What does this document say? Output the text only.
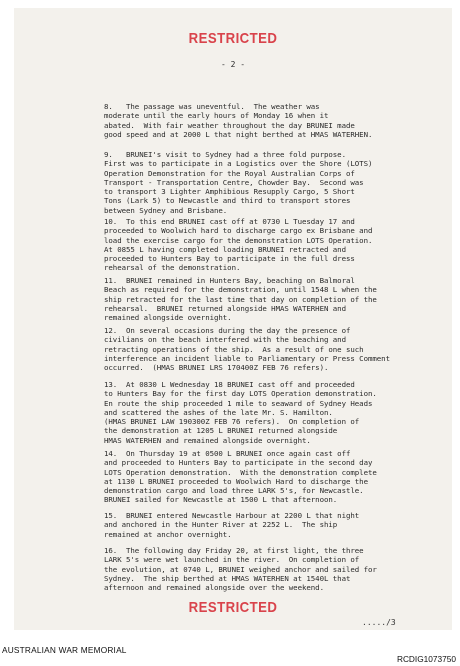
RESTRICTED
- 2 -

8.   The passage was uneventful.  The weather was
moderate until the early hours of Monday 16 when it
abated.  With fair weather throughout the day BRUNEI made
good speed and at 2000 L that night berthed at HMAS WATERHEN.

9.   BRUNEI's visit to Sydney had a three fold purpose.
First was to participate in a Logistics over the Shore (LOTS)
Operation Demonstration for the Royal Australian Corps of
Transport - Transportation Centre, Chowder Bay.  Second was
to transport 3 Lighter Amphibious Resupply Cargo, 5 Short
Tons (Lark 5) to Newcastle and third to transport stores
between Sydney and Brisbane.

10.  To this end BRUNEI cast off at 0730 L Tuesday 17 and
proceeded to Woolwich hard to discharge cargo ex Brisbane and
load the exercise cargo for the demonstration LOTS Operation.
At 0855 L having completed loading BRUNEI retracted and
proceeded to Hunters Bay to participate in the full dress
rehearsal of the demonstration.

11.  BRUNEI remained in Hunters Bay, beaching on Balmoral
Beach as required for the demonstration, until 1548 L when the
ship retracted for the last time that day on completion of the
rehearsal.  BRUNEI returned alongside HMAS WATERHEN and
remained alongside overnight.

12.  On several occasions during the day the presence of
civilians on the beach interfered with the beaching and
retracting operations of the ship.  As a result of one such
interference an incident liable to Parliamentary or Press Comment
occurred.  (HMAS BRUNEI LRS 170400Z FEB 76 refers).

13.  At 0830 L Wednesday 18 BRUNEI cast off and proceeded
to Hunters Bay for the first day LOTS Operation demonstration.
En route the ship proceeded 1 mile to seaward of Sydney Heads
and scattered the ashes of the late Mr. S. Hamilton.
(HMAS BRUNEI LAW 190300Z FEB 76 refers).  On completion of
the demonstration at 1205 L BRUNEI returned alongside
HMAS WATERHEN and remained alongside overnight.

14.  On Thursday 19 at 0500 L BRUNEI once again cast off
and proceeded to Hunters Bay to participate in the second day
LOTS Operation demonstration.  With the demonstration complete
at 1130 L BRUNEI proceeded to Woolwich Hard to discharge the
demonstration cargo and load three LARK 5's, for Newcastle.
BRUNEI sailed for Newcastle at 1500 L that afternoon.

15.  BRUNEI entered Newcastle Harbour at 2200 L that night
and anchored in the Hunter River at 2252 L.  The ship
remained at anchor overnight.

16.  The following day Friday 20, at first light, the three
LARK 5's were wet launched in the river.  On completion of
the evolution, at 0740 L, BRUNEI weighed anchor and sailed for
Sydney.  The ship berthed at HMAS WATERHEN at 1540L that
afternoon and remained alongside over the weekend.

RESTRICTED
...../3
AUSTRALIAN WAR MEMORIAL
RCDIG1073750
